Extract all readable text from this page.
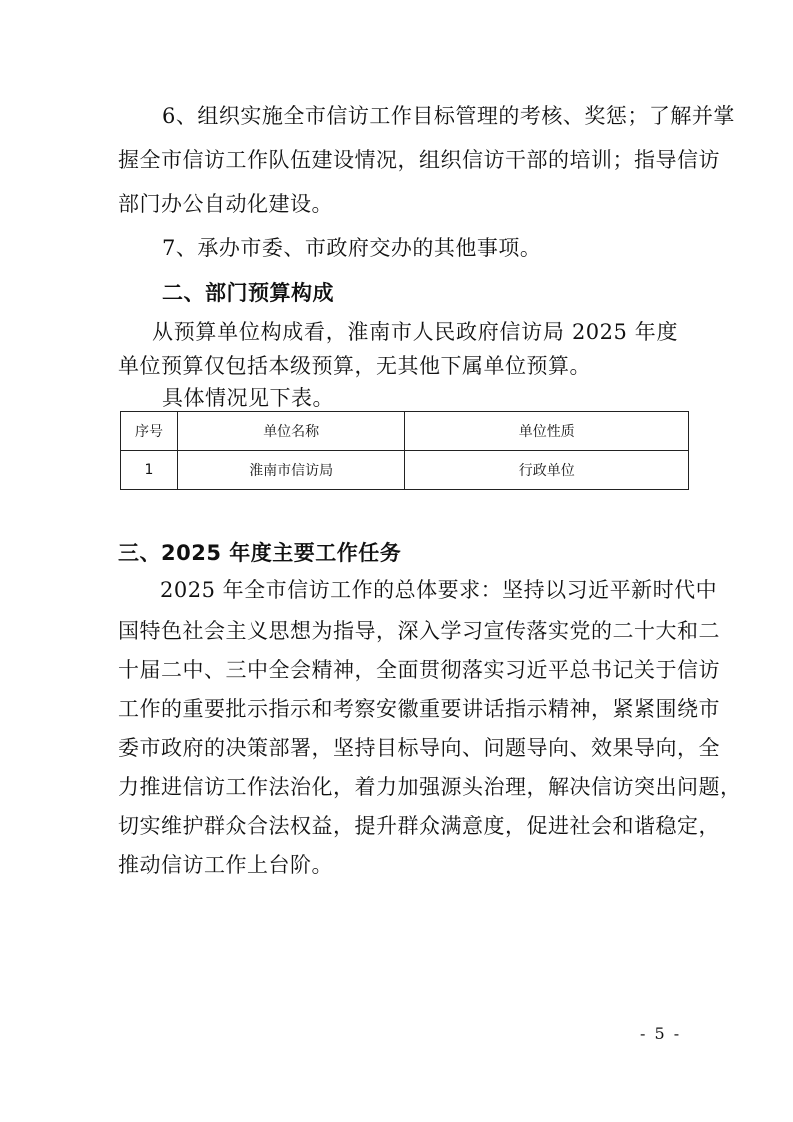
6、组织实施全市信访工作目标管理的考核、奖惩；了解并掌
握全市信访工作队伍建设情况，组织信访干部的培训；指导信访
部门办公自动化建设。
7、承办市委、市政府交办的其他事项。
二、部门预算构成
从预算单位构成看，淮南市人民政府信访局 2025 年度
单位预算仅包括本级预算，无其他下属单位预算。
具体情况见下表。
序号	单位名称	单位性质
1	淮南市信访局	行政单位
三、2025 年度主要工作任务
2025 年全市信访工作的总体要求：坚持以习近平新时代中
国特色社会主义思想为指导，深入学习宣传落实党的二十大和二
十届二中、三中全会精神，全面贯彻落实习近平总书记关于信访
工作的重要批示指示和考察安徽重要讲话指示精神，紧紧围绕市
委市政府的决策部署，坚持目标导向、问题导向、效果导向，全
力推进信访工作法治化，着力加强源头治理，解决信访突出问题，
切实维护群众合法权益，提升群众满意度，促进社会和谐稳定，
推动信访工作上台阶。
- 5 -
